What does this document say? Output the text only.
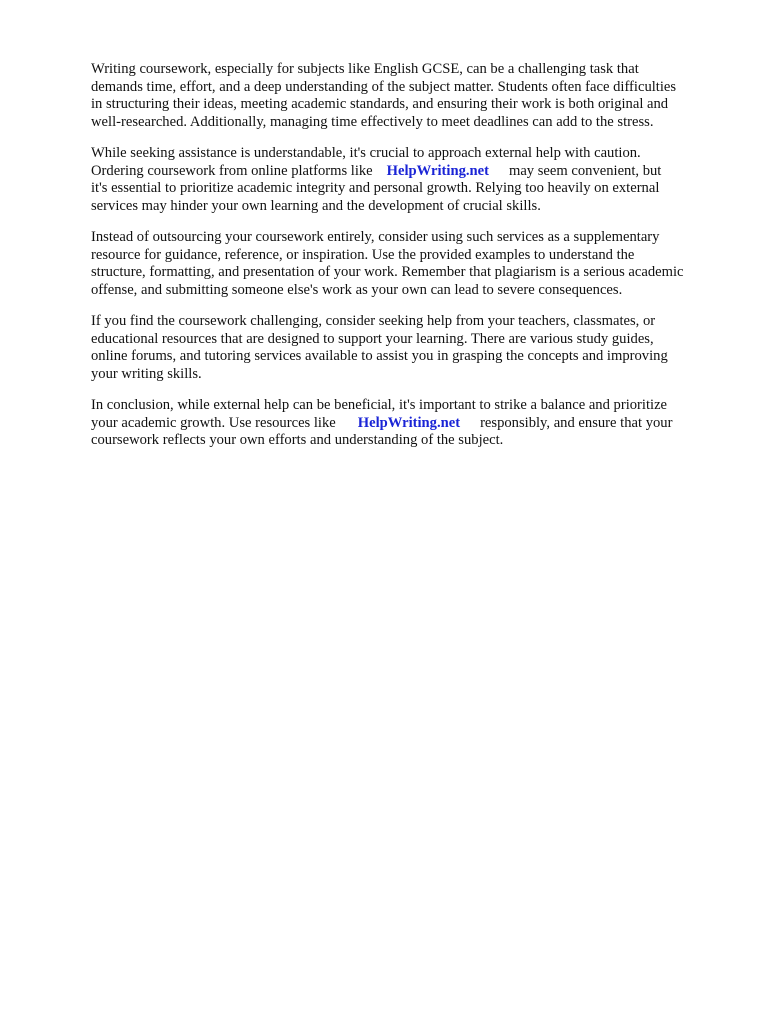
Writing coursework, especially for subjects like English GCSE, can be a challenging task that
demands time, effort, and a deep understanding of the subject matter. Students often face difficulties
in structuring their ideas, meeting academic standards, and ensuring their work is both original and
well-researched. Additionally, managing time effectively to meet deadlines can add to the stress.

While seeking assistance is understandable, it's crucial to approach external help with caution.
Ordering coursework from online platforms like HelpWriting.net may seem convenient, but
it's essential to prioritize academic integrity and personal growth. Relying too heavily on external
services may hinder your own learning and the development of crucial skills.

Instead of outsourcing your coursework entirely, consider using such services as a supplementary
resource for guidance, reference, or inspiration. Use the provided examples to understand the
structure, formatting, and presentation of your work. Remember that plagiarism is a serious academic
offense, and submitting someone else's work as your own can lead to severe consequences.

If you find the coursework challenging, consider seeking help from your teachers, classmates, or
educational resources that are designed to support your learning. There are various study guides,
online forums, and tutoring services available to assist you in grasping the concepts and improving
your writing skills.

In conclusion, while external help can be beneficial, it's important to strike a balance and prioritize
your academic growth. Use resources like HelpWriting.net responsibly, and ensure that your
coursework reflects your own efforts and understanding of the subject.
